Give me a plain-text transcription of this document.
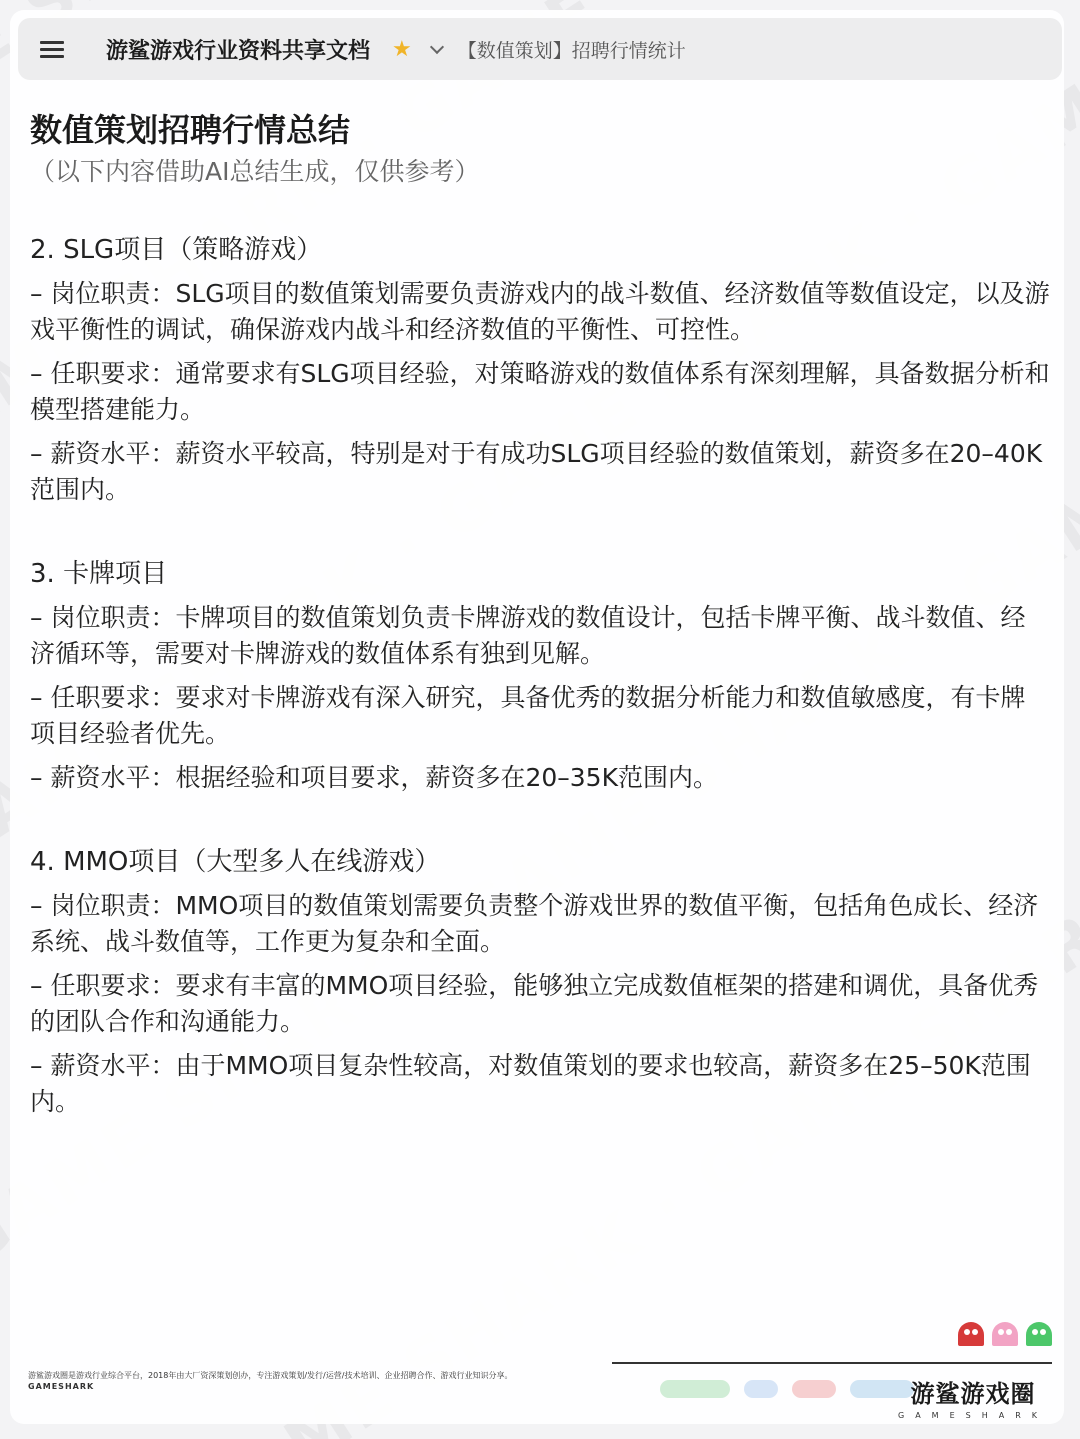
游鲨游戏行业资料共享文档 ★ 【数值策划】招聘行情统计
数值策划招聘行情总结
（以下内容借助AI总结生成，仅供参考）
2. SLG项目（策略游戏）
– 岗位职责：SLG项目的数值策划需要负责游戏内的战斗数值、经济数值等数值设定，以及游戏平衡性的调试，确保游戏内战斗和经济数值的平衡性、可控性。
– 任职要求：通常要求有SLG项目经验，对策略游戏的数值体系有深刻理解，具备数据分析和模型搭建能力。
– 薪资水平：薪资水平较高，特别是对于有成功SLG项目经验的数值策划，薪资多在20–40K范围内。
3. 卡牌项目
– 岗位职责：卡牌项目的数值策划负责卡牌游戏的数值设计，包括卡牌平衡、战斗数值、经济循环等，需要对卡牌游戏的数值体系有独到见解。
– 任职要求：要求对卡牌游戏有深入研究，具备优秀的数据分析能力和数值敏感度，有卡牌项目经验者优先。
– 薪资水平：根据经验和项目要求，薪资多在20–35K范围内。
4. MMO项目（大型多人在线游戏）
– 岗位职责：MMO项目的数值策划需要负责整个游戏世界的数值平衡，包括角色成长、经济系统、战斗数值等，工作更为复杂和全面。
– 任职要求：要求有丰富的MMO项目经验，能够独立完成数值框架的搭建和调优，具备优秀的团队合作和沟通能力。
– 薪资水平：由于MMO项目复杂性较高，对数值策划的要求也较高，薪资多在25–50K范围内。
游鲨游戏圈是游戏行业综合平台，2018年由大厂资深策划创办，专注游戏策划/发行/运营/技术培训、企业招聘合作、游戏行业知识分享。
GAMESHARK	游鲨游戏圈
GAMESHARK
